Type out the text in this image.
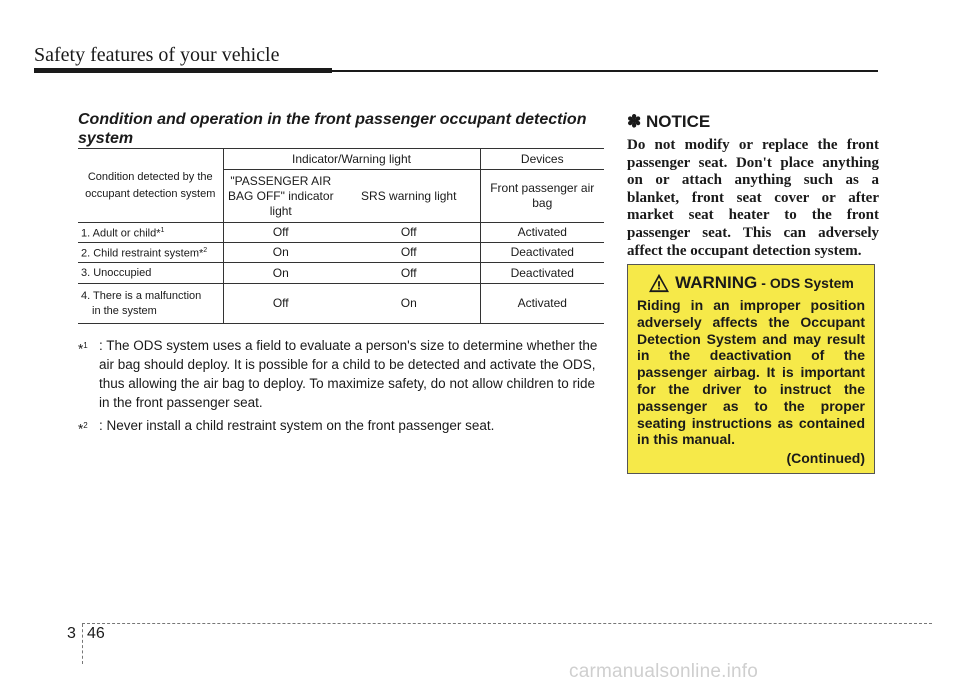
Safety features of your vehicle
Condition and operation in the front passenger occupant detection system
Condition detected by the occupant detection system	Indicator/Warning light		Devices
	"PASSENGER AIR BAG OFF" indicator light	SRS warning light	Front passenger air bag
1. Adult or child*$^1$	Off	Off	Activated
2. Child restraint system*$^2$	On	Off	Deactivated
3. Unoccupied	On	Off	Deactivated

4. There is a malfunction
in the system	Off	On	Activated
*$^1$ : The ODS system uses a field to evaluate a person's size to determine whether the air bag should deploy. It is possible for a child to be detected and activate the ODS, thus allowing the air bag to deploy. To maximize safety, do not allow children to ride in the front passenger seat.
*$^2$ : Never install a child restraint system on the front passenger seat.
✽ NOTICE
Do not modify or replace the front passenger seat. Don't place anything on or attach anything such as a blanket, front seat cover or after market seat heater to the front passenger seat. This can adversely affect the occupant detection system.
WARNING - ODS System
Riding in an improper position adversely affects the Occupant Detection System and may result in the deactivation of the passenger airbag. It is important for the driver to instruct the passenger as to the proper seating instructions as contained in this manual.
(Continued)
3 46
carmanualsonline.info
